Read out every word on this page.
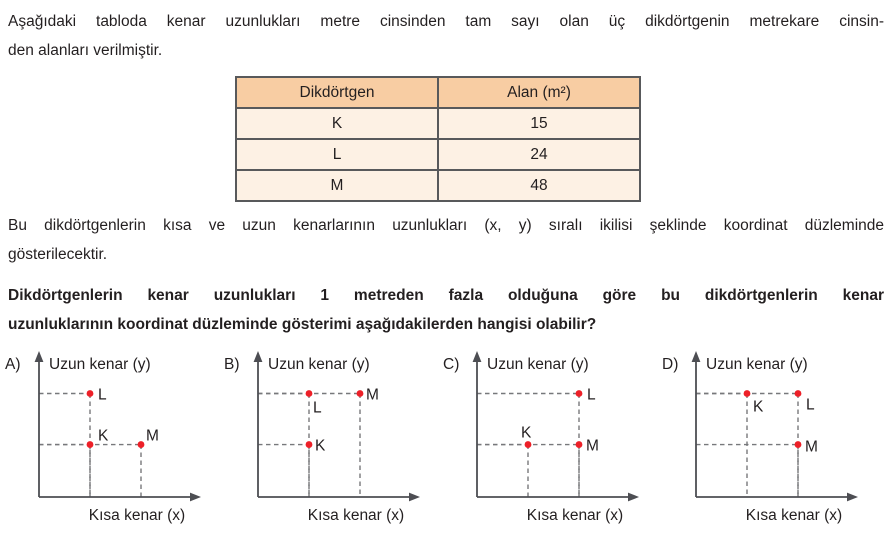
Aşağıdaki tabloda kenar uzunlukları metre cinsinden tam sayı olan üç dikdörtgenin metrekare cinsin-
den alanları verilmiştir.

Dikdörtgen	Alan (m²)
K	15
L	24
M	48

Bu dikdörtgenlerin kısa ve uzun kenarlarının uzunlukları (x, y) sıralı ikilisi şeklinde koordinat düzleminde
gösterilecektir.

Dikdörtgenlerin kenar uzunlukları 1 metreden fazla olduğuna göre bu dikdörtgenlerin kenar
uzunluklarının koordinat düzleminde gösterimi aşağıdakilerden hangisi olabilir?

A) Uzun kenar (y)
Kısa kenar (x)
L
K M
B) Uzun kenar (y)
Kısa kenar (x)
L
M
K
C) Uzun kenar (y)
Kısa kenar (x)
L
K
M
D) Uzun kenar (y)
Kısa kenar (x)
K	L
M
